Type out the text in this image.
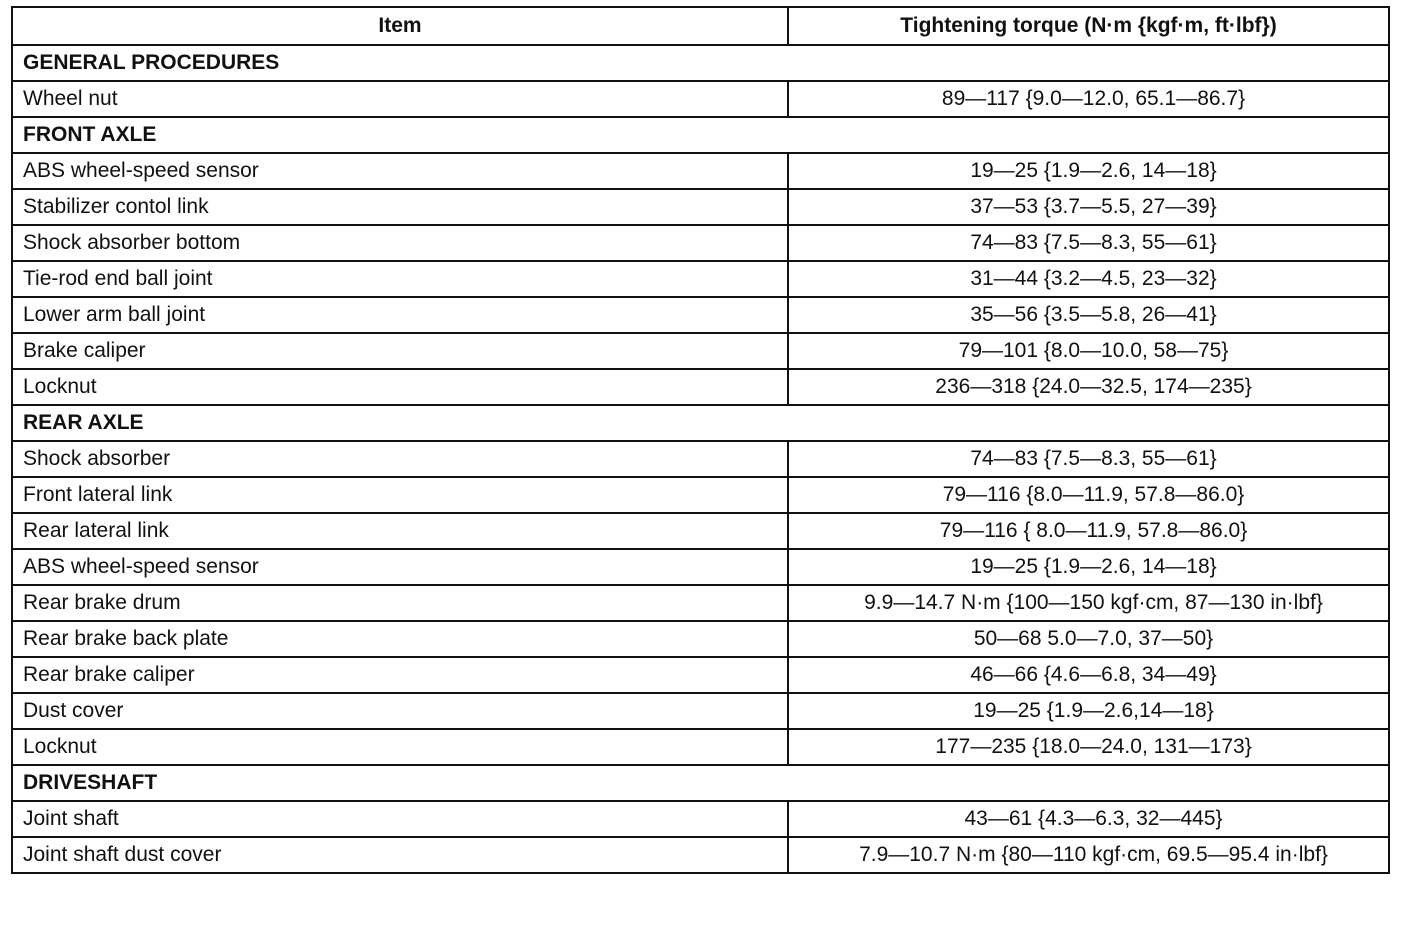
Item	Tightening torque (N·m {kgf·m, ft·lbf})
GENERAL PROCEDURES	
Wheel nut	89—117 {9.0—12.0, 65.1—86.7}
FRONT AXLE	
ABS wheel-speed sensor	19—25 {1.9—2.6, 14—18}
Stabilizer contol link	37—53 {3.7—5.5, 27—39}
Shock absorber bottom	74—83 {7.5—8.3, 55—61}
Tie-rod end ball joint	31—44 {3.2—4.5, 23—32}
Lower arm ball joint	35—56 {3.5—5.8, 26—41}
Brake caliper	79—101 {8.0—10.0, 58—75}
Locknut	236—318 {24.0—32.5, 174—235}
REAR AXLE	
Shock absorber	74—83 {7.5—8.3, 55—61}
Front lateral link	79—116 {8.0—11.9, 57.8—86.0}
Rear lateral link	79—116 { 8.0—11.9, 57.8—86.0}
ABS wheel-speed sensor	19—25 {1.9—2.6, 14—18}
Rear brake drum	9.9—14.7 N·m {100—150 kgf·cm, 87—130 in·lbf}
Rear brake back plate	50—68 5.0—7.0, 37—50}
Rear brake caliper	46—66 {4.6—6.8, 34—49}
Dust cover	19—25 {1.9—2.6,14—18}
Locknut	177—235 {18.0—24.0, 131—173}
DRIVESHAFT	
Joint shaft	43—61 {4.3—6.3, 32—445}
Joint shaft dust cover	7.9—10.7 N·m {80—110 kgf·cm, 69.5—95.4 in·lbf}
